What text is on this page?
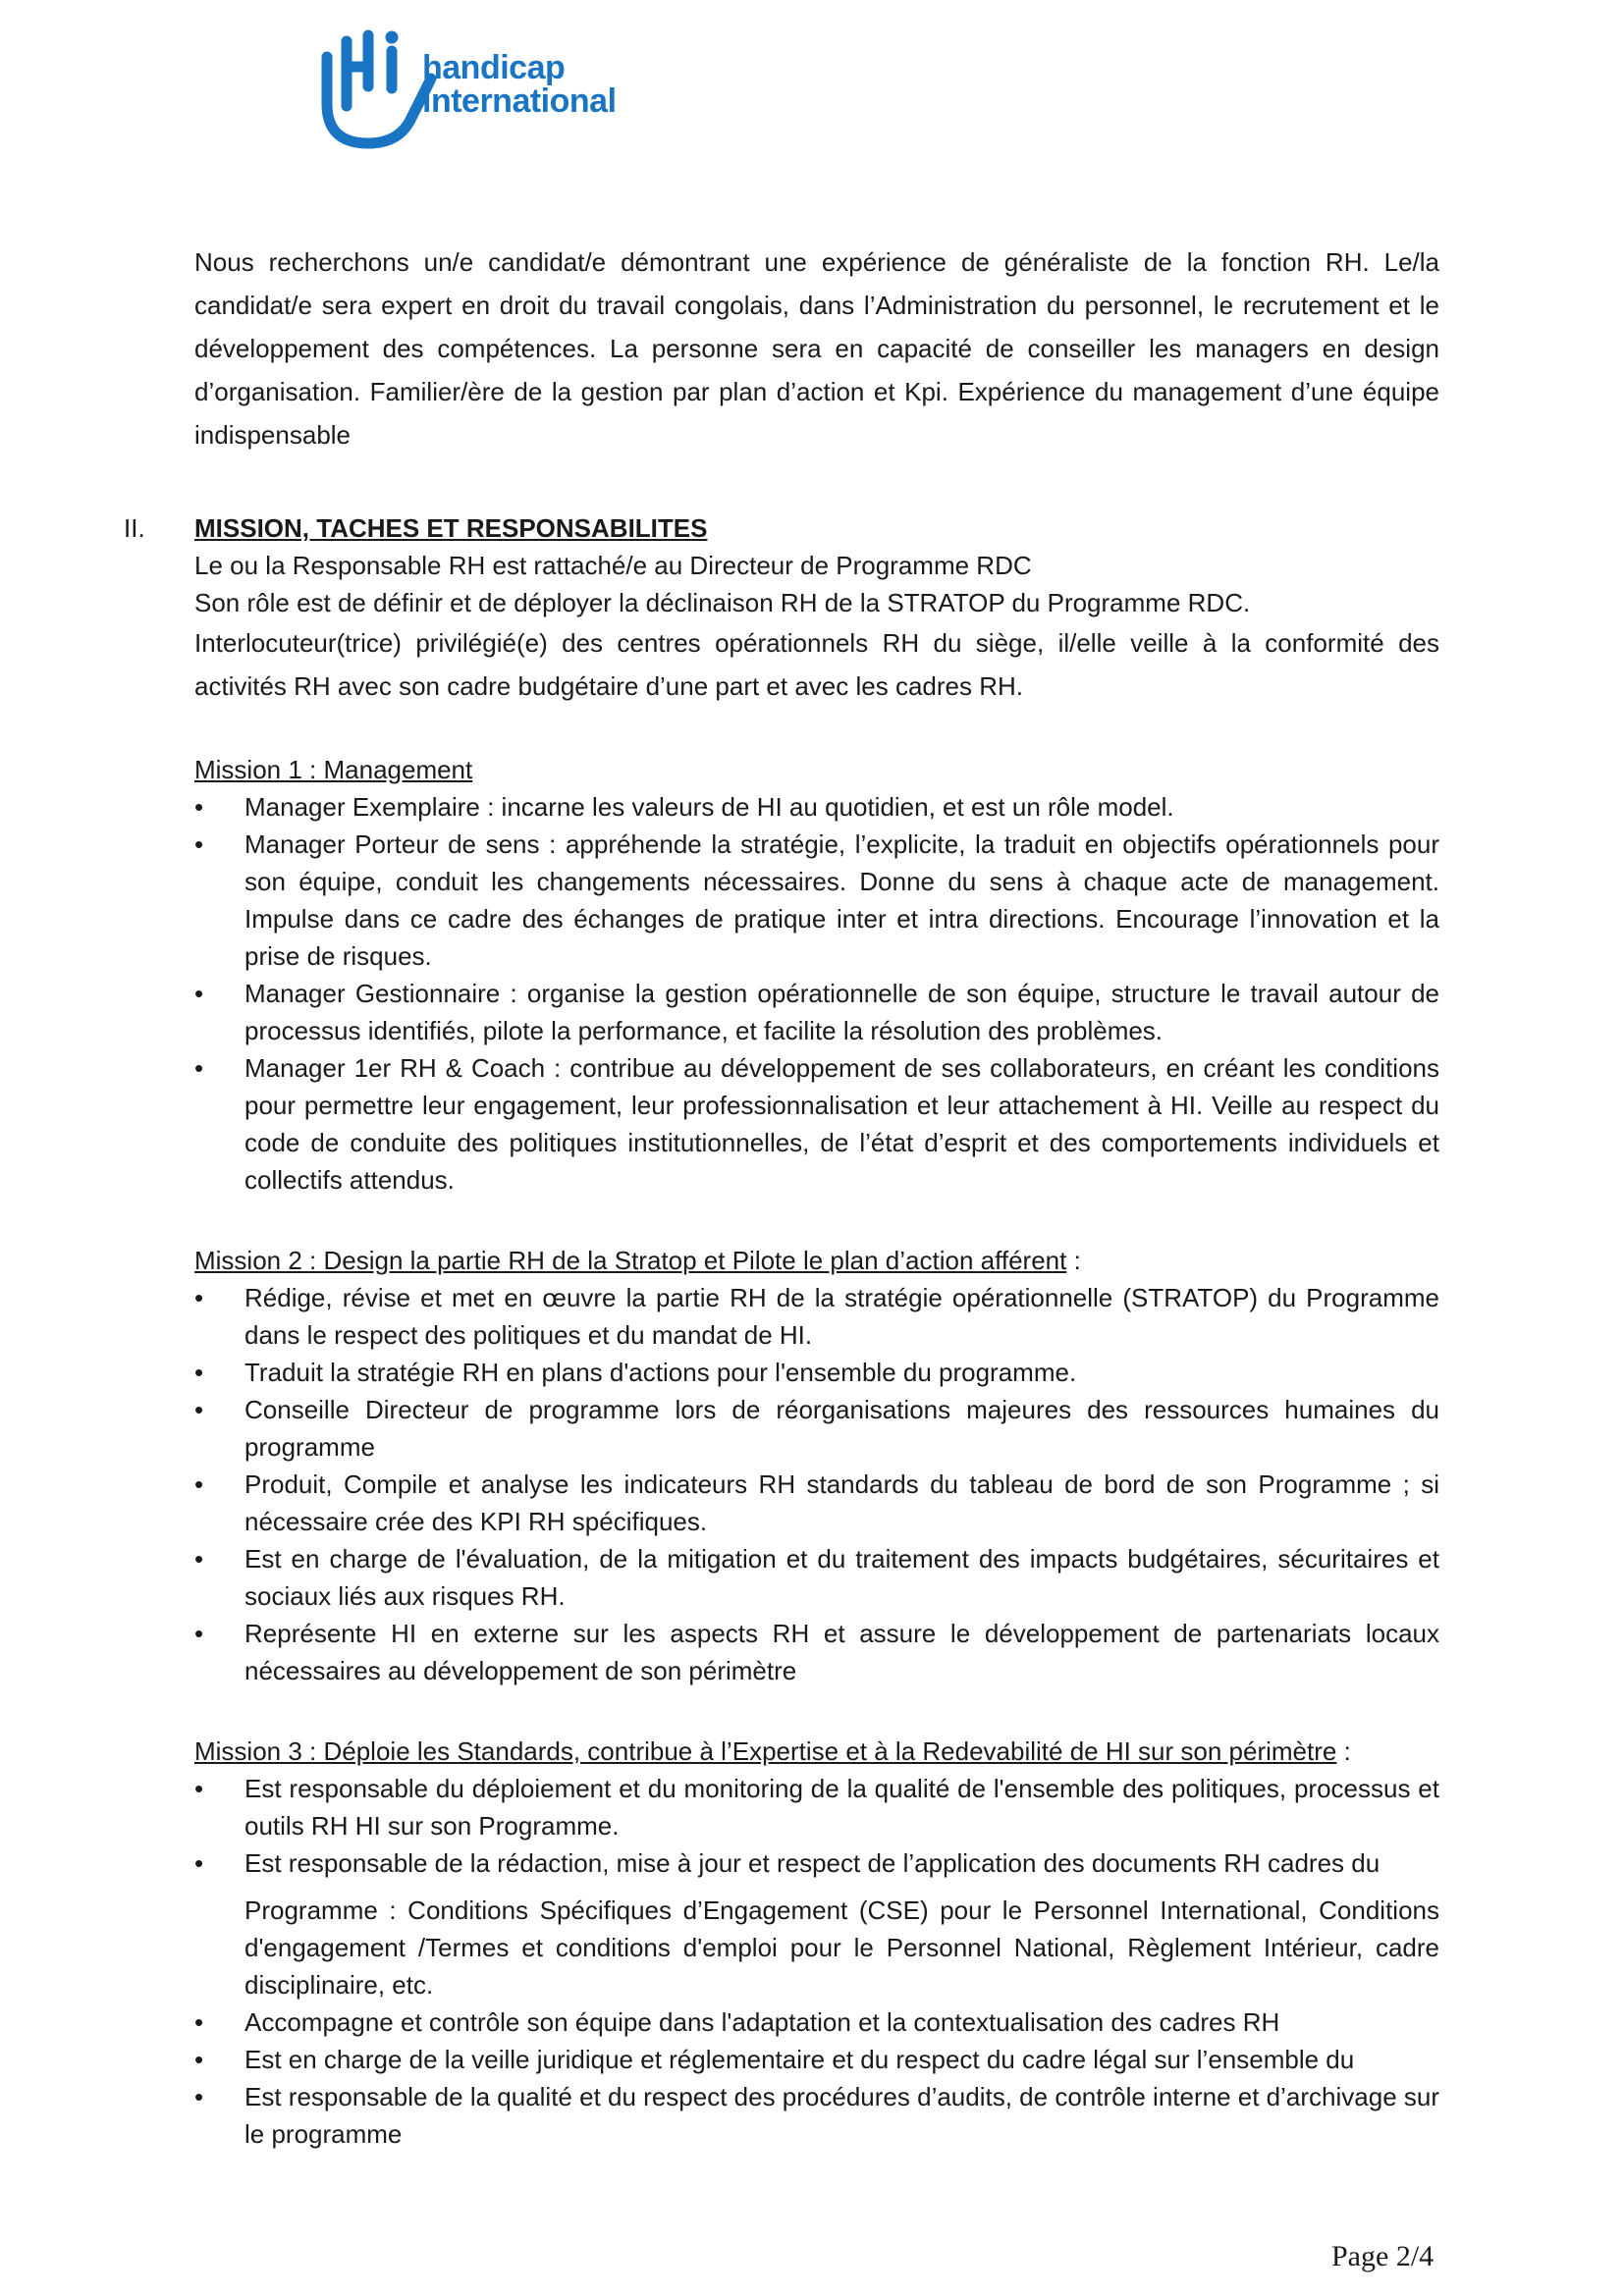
handicap
international

Nous recherchons un/e candidat/e démontrant une expérience de généraliste de la fonction RH. Le/la candidat/e sera expert en droit du travail congolais, dans l’Administration du personnel, le recrutement et le développement des compétences. La personne sera en capacité de conseiller les managers en design d’organisation. Familier/ère de la gestion par plan d’action et Kpi. Expérience du management d’une équipe indispensable

II. MISSION, TACHES ET RESPONSABILITES
Le ou la Responsable RH est rattaché/e au Directeur de Programme RDC
Son rôle est de définir et de déployer la déclinaison RH de la STRATOP du Programme RDC.
Interlocuteur(trice) privilégié(e) des centres opérationnels RH du siège, il/elle veille à la conformité des activités RH avec son cadre budgétaire d’une part et avec les cadres RH.
Mission 1 : Management
• Manager Exemplaire : incarne les valeurs de HI au quotidien, et est un rôle model.
• Manager Porteur de sens : appréhende la stratégie, l’explicite, la traduit en objectifs opérationnels pour son équipe, conduit les changements nécessaires. Donne du sens à chaque acte de management. Impulse dans ce cadre des échanges de pratique inter et intra directions. Encourage l’innovation et la prise de risques.
• Manager Gestionnaire : organise la gestion opérationnelle de son équipe, structure le travail autour de processus identifiés, pilote la performance, et facilite la résolution des problèmes.
• Manager 1er RH & Coach : contribue au développement de ses collaborateurs, en créant les conditions pour permettre leur engagement, leur professionnalisation et leur attachement à HI. Veille au respect du code de conduite des politiques institutionnelles, de l’état d’esprit et des comportements individuels et collectifs attendus.
Mission 2 : Design la partie RH de la Stratop et Pilote le plan d’action afférent :
• Rédige, révise et met en œuvre la partie RH de la stratégie opérationnelle (STRATOP) du Programme dans le respect des politiques et du mandat de HI.
• Traduit la stratégie RH en plans d'actions pour l'ensemble du programme.
• Conseille Directeur de programme lors de réorganisations majeures des ressources humaines du programme
• Produit, Compile et analyse les indicateurs RH standards du tableau de bord de son Programme ; si nécessaire crée des KPI RH spécifiques.
• Est en charge de l'évaluation, de la mitigation et du traitement des impacts budgétaires, sécuritaires et sociaux liés aux risques RH.
• Représente HI en externe sur les aspects RH et assure le développement de partenariats locaux nécessaires au développement de son périmètre
Mission 3 : Déploie les Standards, contribue à l’Expertise et à la Redevabilité de HI sur son périmètre :
• Est responsable du déploiement et du monitoring de la qualité de l'ensemble des politiques, processus et outils RH HI sur son Programme.
• Est responsable de la rédaction, mise à jour et respect de l’application des documents RH cadres du
Programme : Conditions Spécifiques d’Engagement (CSE) pour le Personnel International, Conditions d'engagement /Termes et conditions d'emploi pour le Personnel National, Règlement Intérieur, cadre disciplinaire, etc.
• Accompagne et contrôle son équipe dans l'adaptation et la contextualisation des cadres RH
• Est en charge de la veille juridique et réglementaire et du respect du cadre légal sur l’ensemble du
• Est responsable de la qualité et du respect des procédures d’audits, de contrôle interne et d’archivage sur le programme
Page 2/4
